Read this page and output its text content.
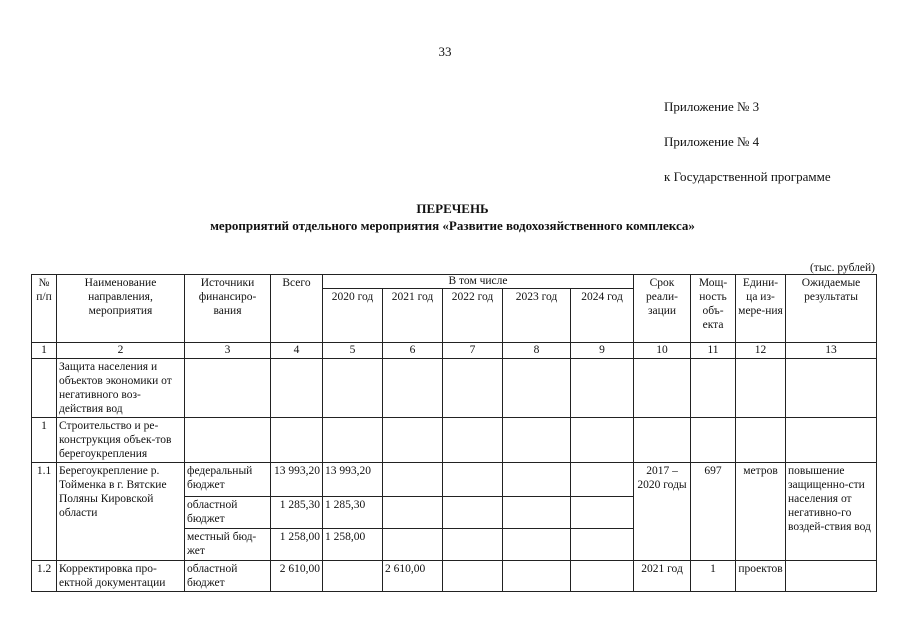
33
Приложение № 3
Приложение № 4
к Государственной программе
ПЕРЕЧЕНЬ
мероприятий отдельного мероприятия «Развитие водохозяйственного комплекса»
(тыс. рублей)
№ п/п	Наименование направления, мероприятия	Источники финансиро-вания	Всего	В том числе					Срок реали-зации	Мощ-ность объ-екта	Едини-ца из-мере-ния	Ожидаемые результаты
				2020 год	2021 год	2022 год	2023 год	2024 год				
1	2	3	4	5	6	7	8	9	10	11	12	13
	Защита населения и объектов экономики от негативного воз-действия вод											
1	Строительство и ре-конструкция объек-тов берегоукрепления											
1.1	Берегоукрепление р. Тойменка в г. Вятские Поляны Кировской области	федеральный бюджет	13 993,20	13 993,20					2017 – 2020 годы	697	метров	повышение защищенно-сти населения от негативно-го воздей-ствия вод
		областной бюджет	1 285,30	1 285,30								
		местный бюд-жет	1 258,00	1 258,00								
1.2	Корректировка про-ектной документации	областной бюджет	2 610,00		2 610,00				2021 год	1	проектов	
